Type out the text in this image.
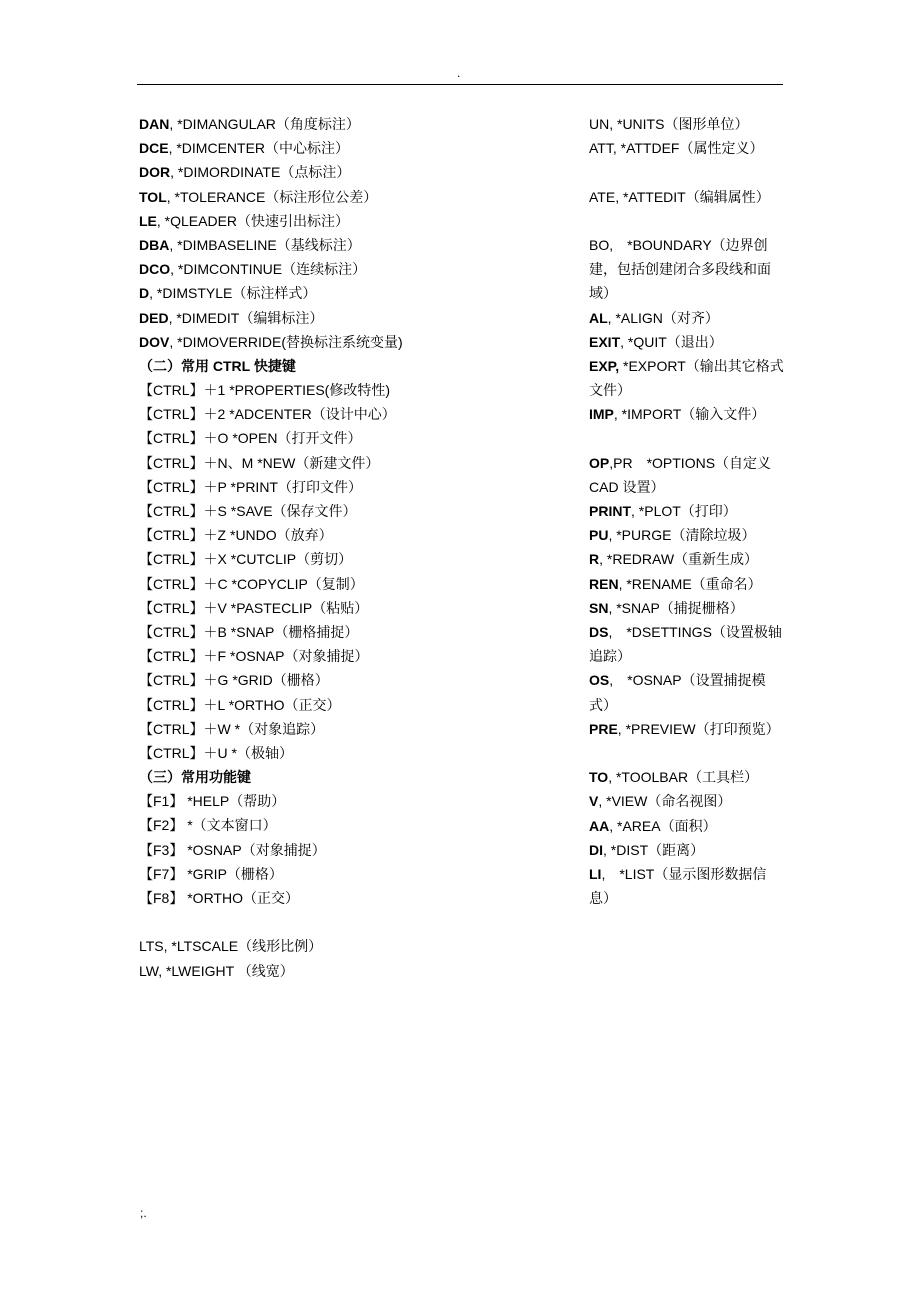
.
DAN, *DIMANGULAR（角度标注）
DCE, *DIMCENTER（中心标注）
DOR, *DIMORDINATE（点标注）
TOL, *TOLERANCE（标注形位公差）
LE, *QLEADER（快速引出标注）
DBA, *DIMBASELINE（基线标注）
DCO, *DIMCONTINUE（连续标注）
D, *DIMSTYLE（标注样式）
DED, *DIMEDIT（编辑标注）
DOV, *DIMOVERRIDE(替换标注系统变量)
（二）常用 CTRL 快捷键
【CTRL】＋1 *PROPERTIES(修改特性)
【CTRL】＋2 *ADCENTER（设计中心）
【CTRL】＋O *OPEN（打开文件）
【CTRL】＋N、M *NEW（新建文件）
【CTRL】＋P *PRINT（打印文件）
【CTRL】＋S *SAVE（保存文件）
【CTRL】＋Z *UNDO（放弃）
【CTRL】＋X *CUTCLIP（剪切）
【CTRL】＋C *COPYCLIP（复制）
【CTRL】＋V *PASTECLIP（粘贴）
【CTRL】＋B *SNAP（栅格捕捉）
【CTRL】＋F *OSNAP（对象捕捉）
【CTRL】＋G *GRID（栅格）
【CTRL】＋L *ORTHO（正交）
【CTRL】＋W *（对象追踪）
【CTRL】＋U *（极轴）
（三）常用功能键
【F1】 *HELP（帮助）
【F2】 *（文本窗口）
【F3】 *OSNAP（对象捕捉）
【F7】 *GRIP（栅格）
【F8】 *ORTHO（正交）
LTS, *LTSCALE（线形比例）
LW, *LWEIGHT （线宽）
UN, *UNITS（图形单位）
ATT, *ATTDEF（属性定义）
ATE, *ATTEDIT（编辑属性）
BO,　*BOUNDARY（边界创建，包括创建闭合多段线和面域）
AL, *ALIGN（对齐）
EXIT, *QUIT（退出）
EXP, *EXPORT（输出其它格式文件）
IMP, *IMPORT（输入文件）
OP,PR　*OPTIONS（自定义 CAD 设置）
PRINT, *PLOT（打印）
PU, *PURGE（清除垃圾）
R, *REDRAW（重新生成）
REN, *RENAME（重命名）
SN, *SNAP（捕捉栅格）
DS,　*DSETTINGS（设置极轴追踪）
OS,　*OSNAP（设置捕捉模式）
PRE, *PREVIEW（打印预览）
TO, *TOOLBAR（工具栏）
V, *VIEW（命名视图）
AA, *AREA（面积）
DI, *DIST（距离）
LI,　*LIST（显示图形数据信息）
;.
